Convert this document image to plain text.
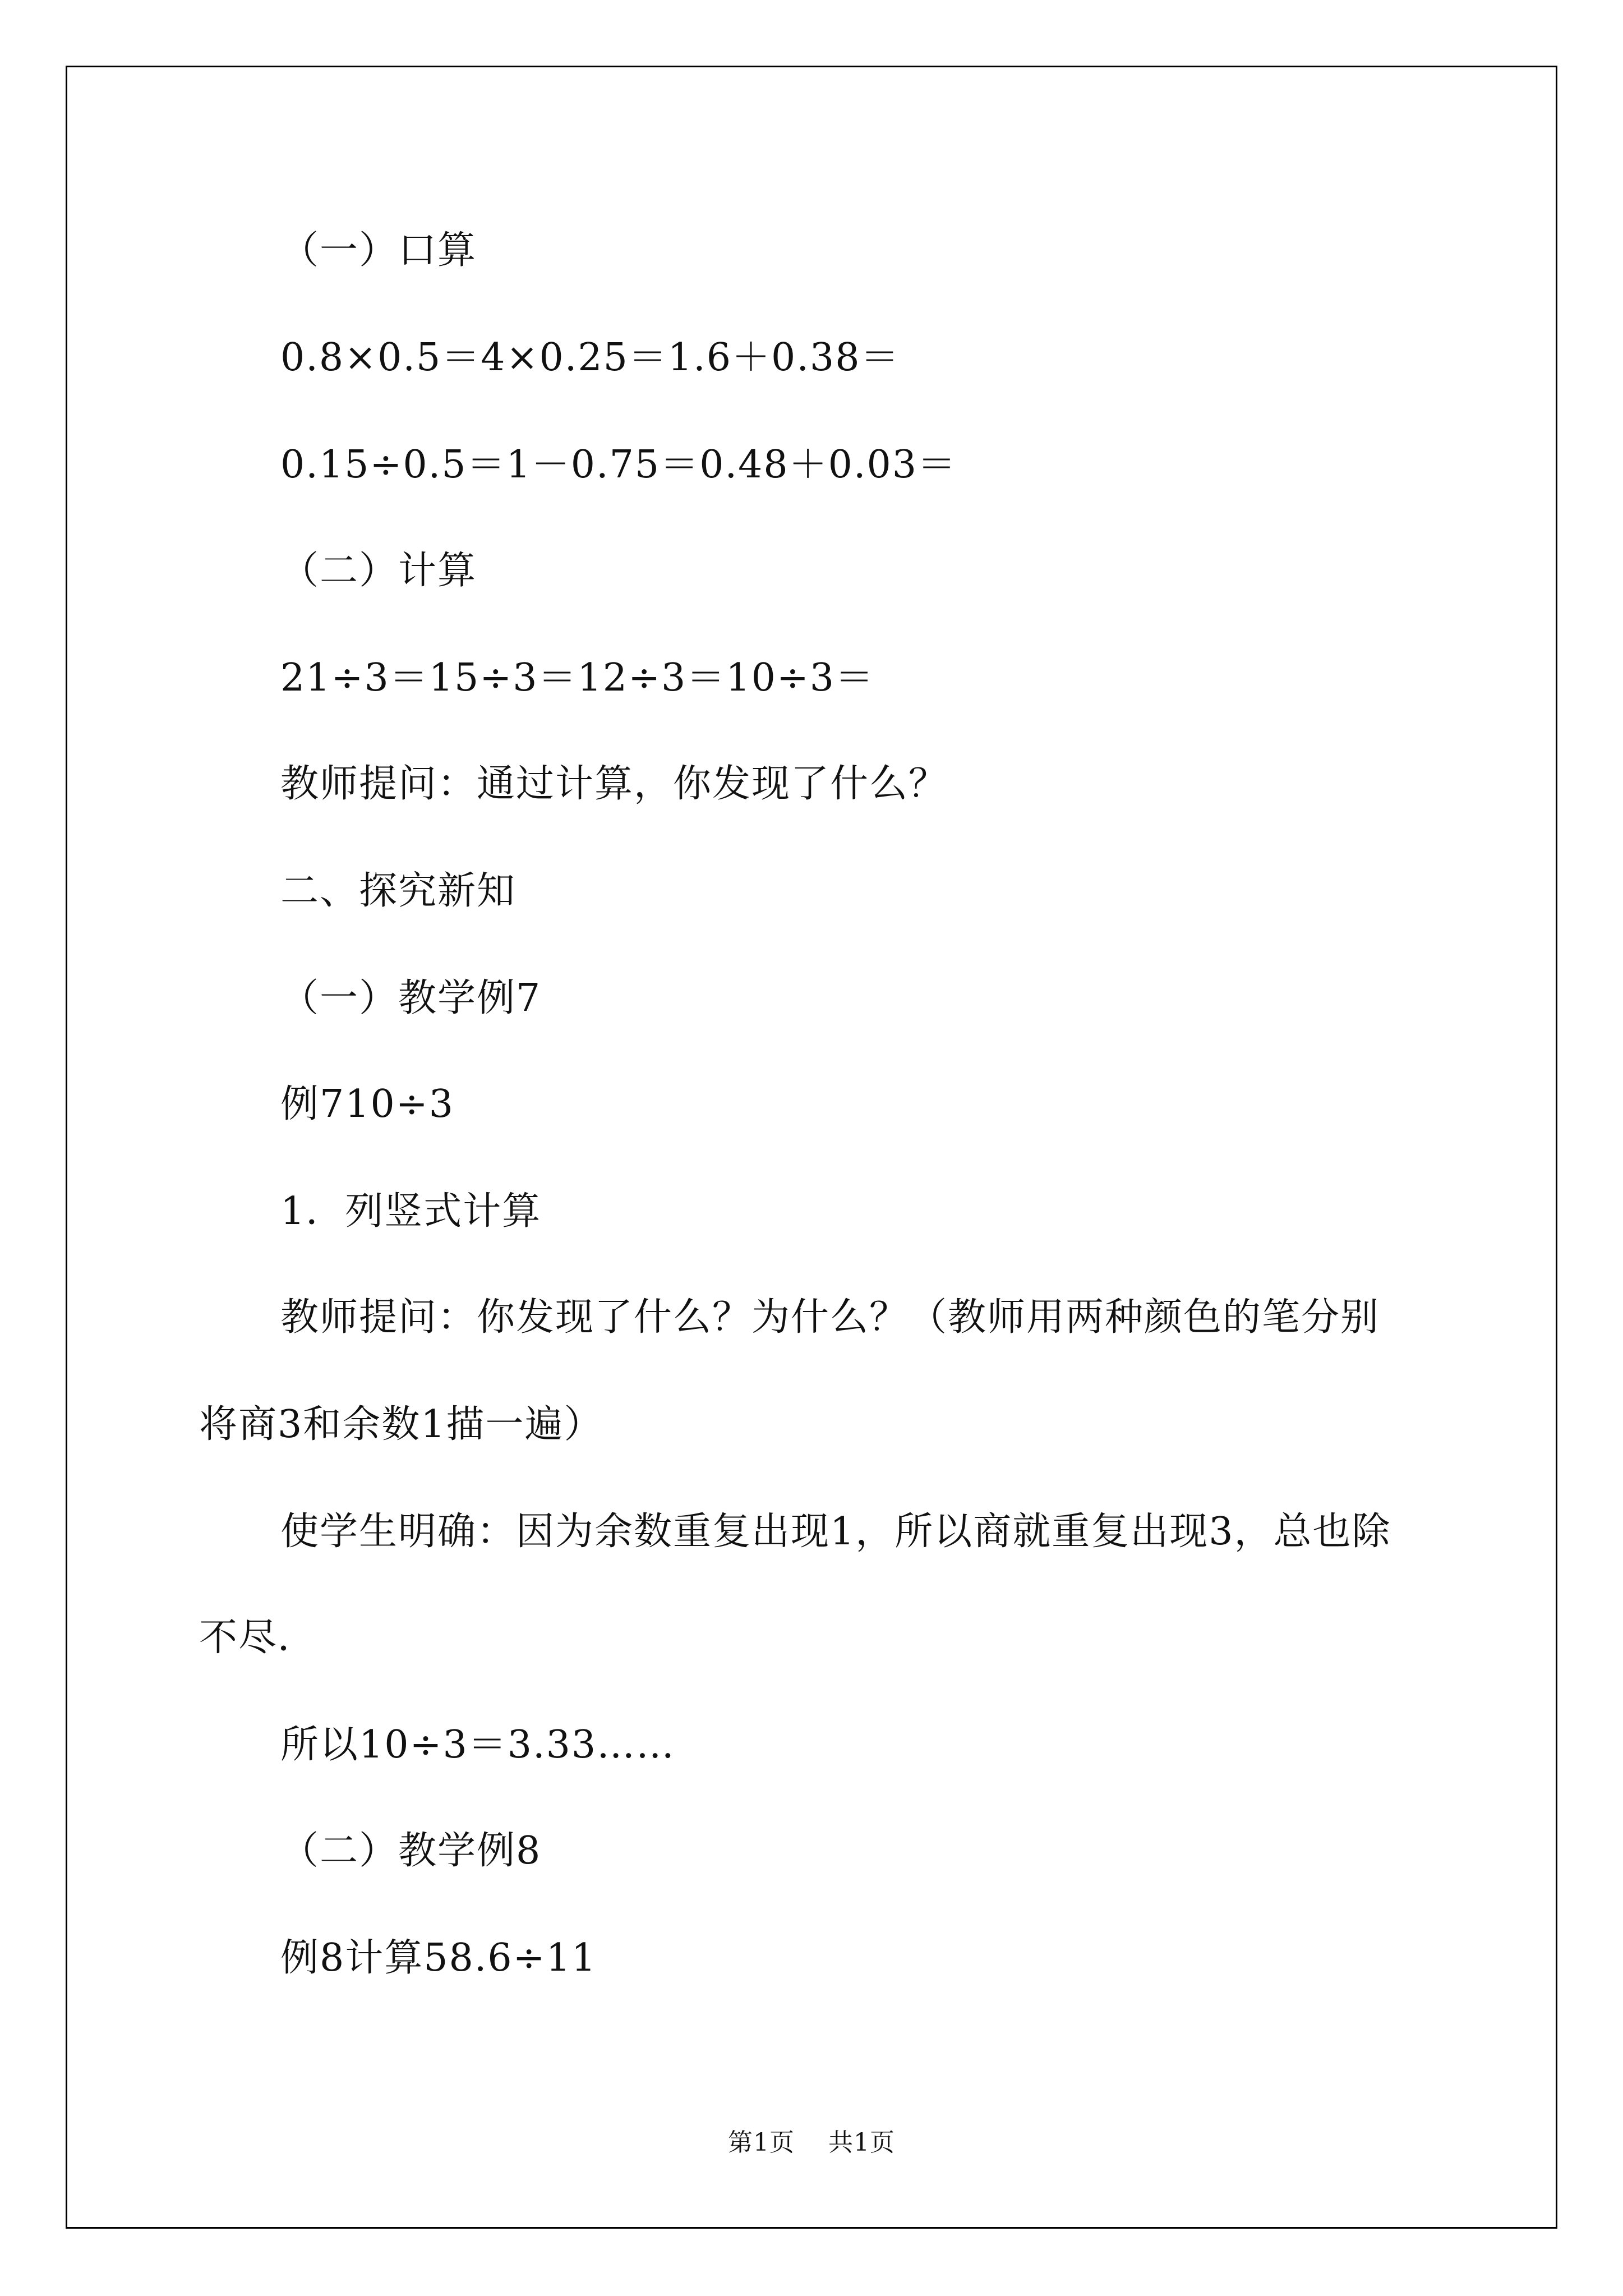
（一）口算
0.8×0.5＝4×0.25＝1.6＋0.38＝
0.15÷0.5＝1－0.75＝0.48＋0.03＝
（二）计算
21÷3＝15÷3＝12÷3＝10÷3＝
教师提问：通过计算，你发现了什么？
二、探究新知
（一）教学例7
例710÷3
1．列竖式计算
教师提问：你发现了什么？为什么？（教师用两种颜色的笔分别
将商3和余数1描一遍）
使学生明确：因为余数重复出现1，所以商就重复出现3，总也除
不尽．
所以10÷3＝3.33……
（二）教学例8
例8计算58.6÷11
第1页 共1页
